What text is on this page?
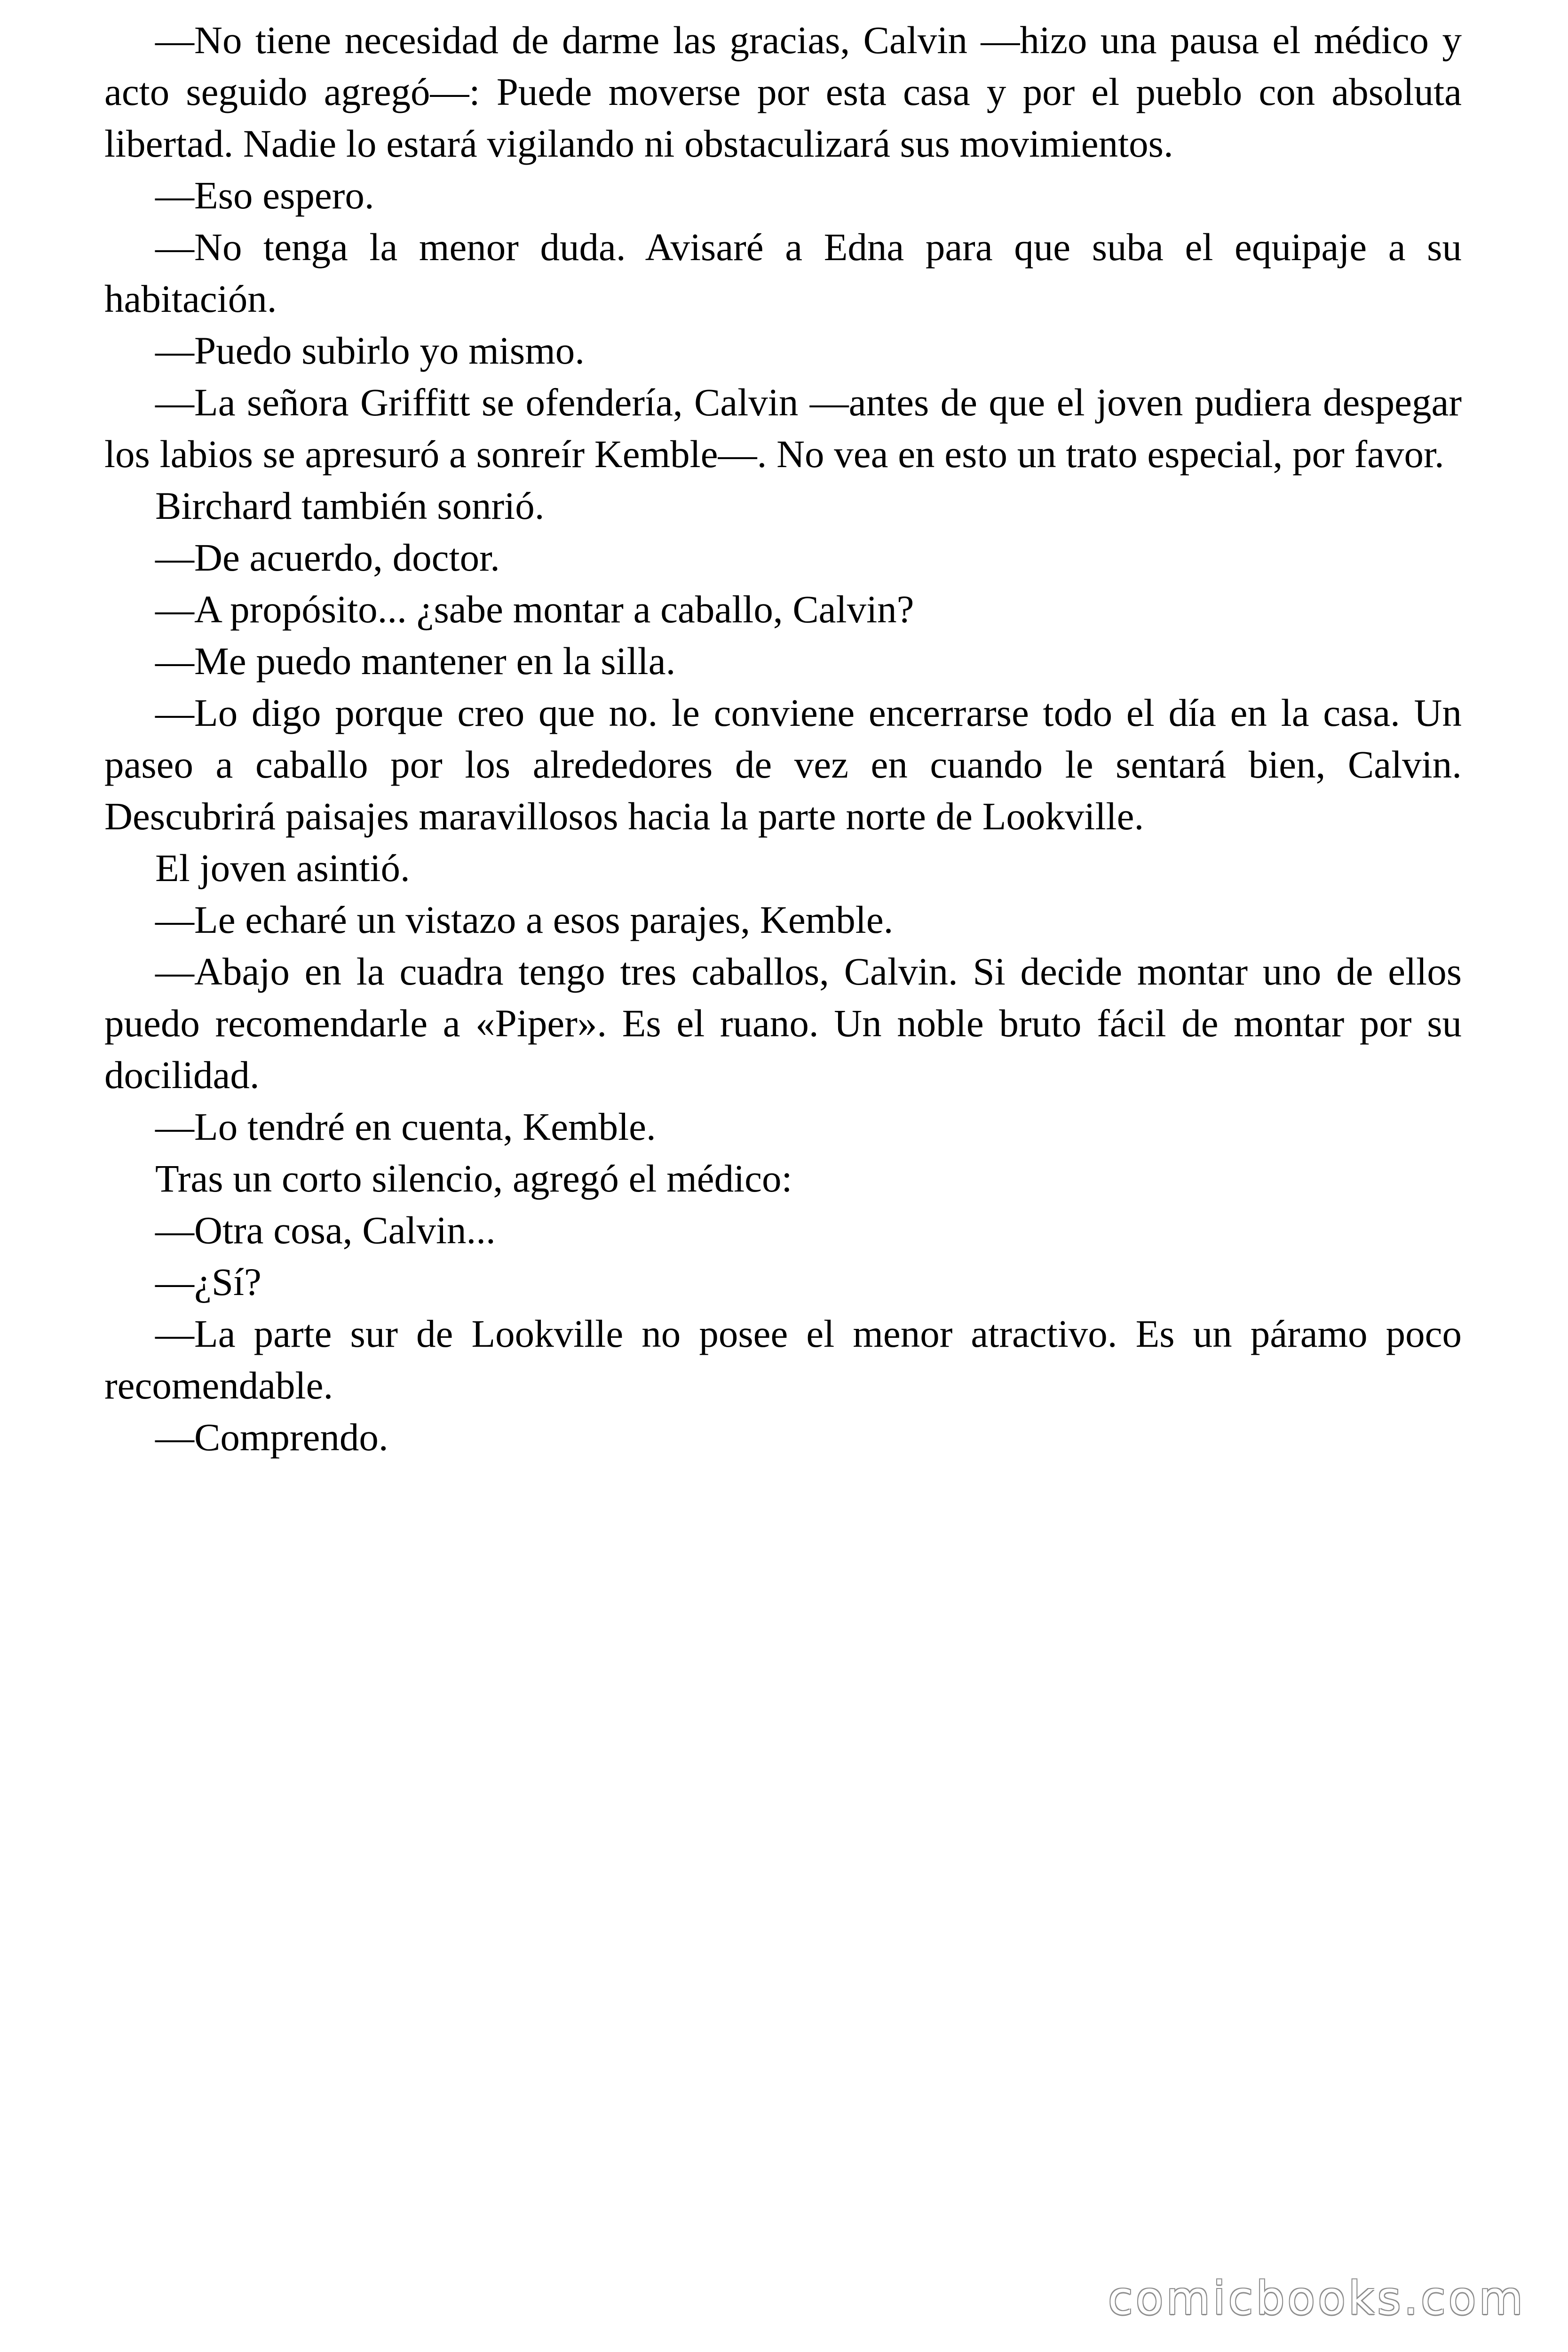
—No tiene necesidad de darme las gracias, Calvin —hizo una pausa el médico y acto seguido agregó—: Puede moverse por esta casa y por el pueblo con absoluta libertad. Nadie lo estará vigilando ni obstaculizará sus movimientos.

—Eso espero.

—No tenga la menor duda. Avisaré a Edna para que suba el equipaje a su habitación.

—Puedo subirlo yo mismo.

—La señora Griffitt se ofendería, Calvin —antes de que el joven pudiera despegar los labios se apresuró a sonreír Kemble—. No vea en esto un trato especial, por favor.

Birchard también sonrió.

—De acuerdo, doctor.

—A propósito... ¿sabe montar a caballo, Calvin?

—Me puedo mantener en la silla.

—Lo digo porque creo que no. le conviene encerrarse todo el día en la casa. Un paseo a caballo por los alrededores de vez en cuando le sentará bien, Calvin. Descubrirá paisajes maravillosos hacia la parte norte de Lookville.

El joven asintió.

—Le echaré un vistazo a esos parajes, Kemble.

—Abajo en la cuadra tengo tres caballos, Calvin. Si decide montar uno de ellos puedo recomendarle a «Piper». Es el ruano. Un noble bruto fácil de montar por su docilidad.

—Lo tendré en cuenta, Kemble.

Tras un corto silencio, agregó el médico:

—Otra cosa, Calvin...

—¿Sí?

—La parte sur de Lookville no posee el menor atractivo. Es un páramo poco recomendable.

—Comprendo.

comicbooks.com
